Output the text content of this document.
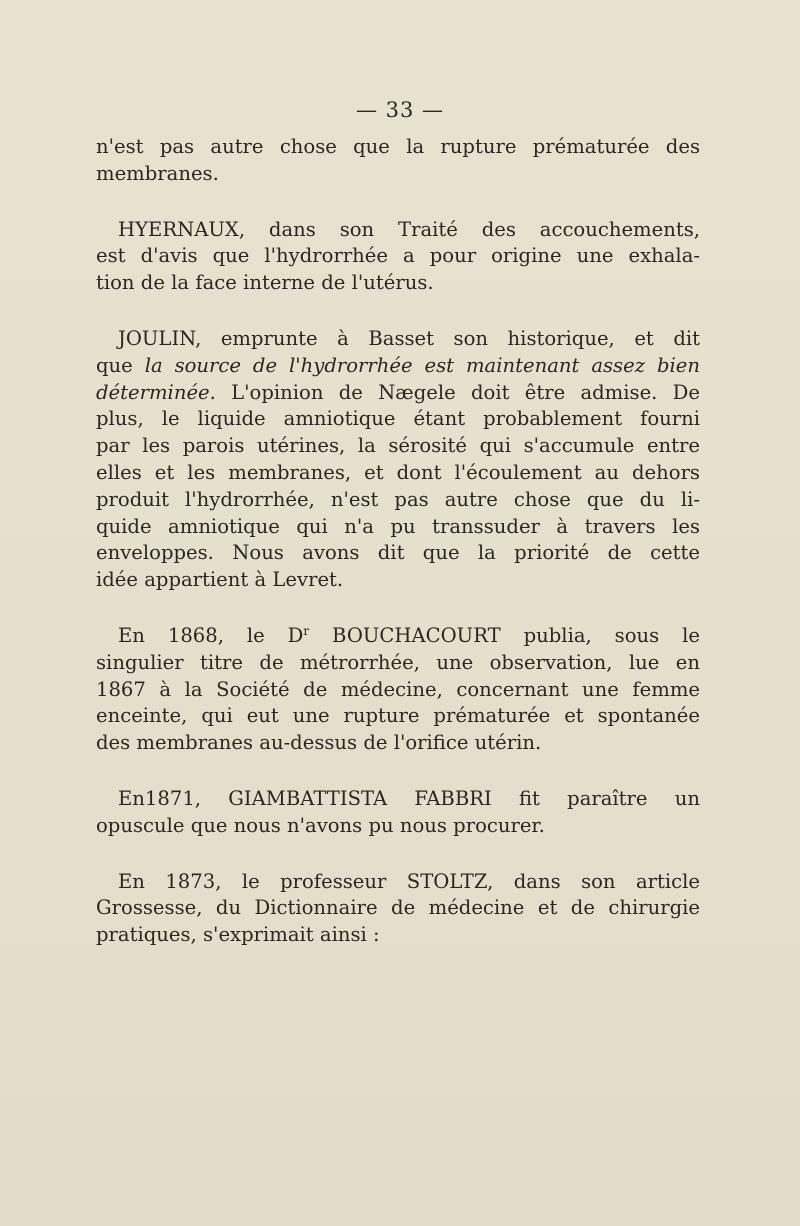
— 33 —

n'est pas autre chose que la rupture prématurée des
membranes.

HYERNAUX, dans son Traité des accouchements,
est d'avis que l'hydrorrhée a pour origine une exhala-
tion de la face interne de l'utérus.

JOULIN, emprunte à Basset son historique, et dit
que la source de l'hydrorrhée est maintenant assez bien
déterminée. L'opinion de Nægele doit être admise. De
plus, le liquide amniotique étant probablement fourni
par les parois utérines, la sérosité qui s'accumule entre
elles et les membranes, et dont l'écoulement au dehors
produit l'hydrorrhée, n'est pas autre chose que du li-
quide amniotique qui n'a pu transsuder à travers les
enveloppes. Nous avons dit que la priorité de cette
idée appartient à Levret.

En 1868, le $D^r$ BOUCHACOURT publia, sous le
singulier titre de métrorrhée, une observation, lue en
1867 à la Société de médecine, concernant une femme
enceinte, qui eut une rupture prématurée et spontanée
des membranes au-dessus de l'orifice utérin.

En1871, GIAMBATTISTA FABBRI fit paraître un
opuscule que nous n'avons pu nous procurer.

En 1873, le professeur STOLTZ, dans son article
Grossesse, du Dictionnaire de médecine et de chirurgie
pratiques, s'exprimait ainsi :
